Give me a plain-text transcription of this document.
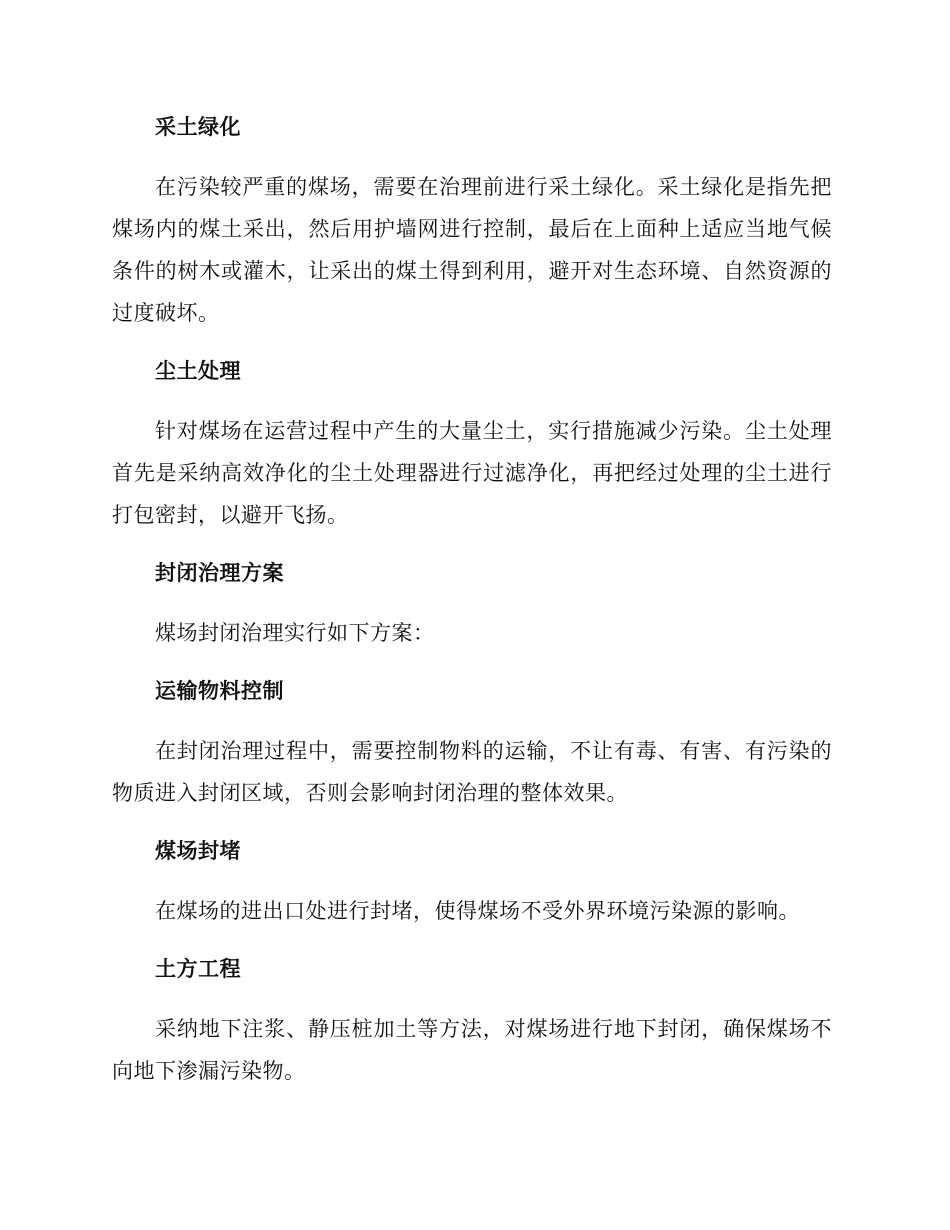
采土绿化

在污染较严重的煤场，需要在治理前进行采土绿化。采土绿化是指先把煤场内的煤土采出，然后用护墙网进行控制，最后在上面种上适应当地气候条件的树木或灌木，让采出的煤土得到利用，避开对生态环境、自然资源的过度破坏。

尘土处理

针对煤场在运营过程中产生的大量尘土，实行措施减少污染。尘土处理首先是采纳高效净化的尘土处理器进行过滤净化，再把经过处理的尘土进行打包密封，以避开飞扬。

封闭治理方案

煤场封闭治理实行如下方案：

运输物料控制

在封闭治理过程中，需要控制物料的运输，不让有毒、有害、有污染的物质进入封闭区域，否则会影响封闭治理的整体效果。

煤场封堵

在煤场的进出口处进行封堵，使得煤场不受外界环境污染源的影响。

土方工程

采纳地下注浆、静压桩加土等方法，对煤场进行地下封闭，确保煤场不向地下渗漏污染物。
